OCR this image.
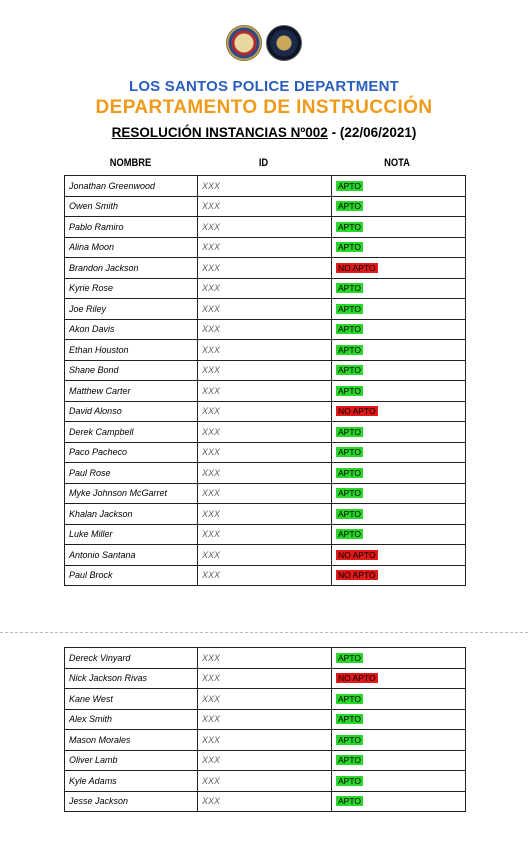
LOS SANTOS POLICE DEPARTMENT
DEPARTAMENTO DE INSTRUCCIÓN
RESOLUCIÓN INSTANCIAS Nº002 - (22/06/2021)
NOMBRE	ID	NOTA
Jonathan Greenwood	XXX	APTO
Owen Smith	XXX	APTO
Pablo Ramiro	XXX	APTO
Alina Moon	XXX	APTO
Brandon Jackson	XXX	NO APTO
Kyrie Rose	XXX	APTO
Joe Riley	XXX	APTO
Akon Davis	XXX	APTO
Ethan Houston	XXX	APTO
Shane Bond	XXX	APTO
Matthew Carter	XXX	APTO
David Alonso	XXX	NO APTO
Derek Campbell	XXX	APTO
Paco Pacheco	XXX	APTO
Paul Rose	XXX	APTO
Myke Johnson McGarret	XXX	APTO
Khalan Jackson	XXX	APTO
Luke Miller	XXX	APTO
Antonio Santana	XXX	NO APTO
Paul Brock	XXX	NO APTO
Dereck Vinyard	XXX	APTO
Nick Jackson Rivas	XXX	NO APTO
Kane West	XXX	APTO
Alex Smith	XXX	APTO
Mason Morales	XXX	APTO
Oliver Lamb	XXX	APTO
Kyle Adams	XXX	APTO
Jesse Jackson	XXX	APTO
